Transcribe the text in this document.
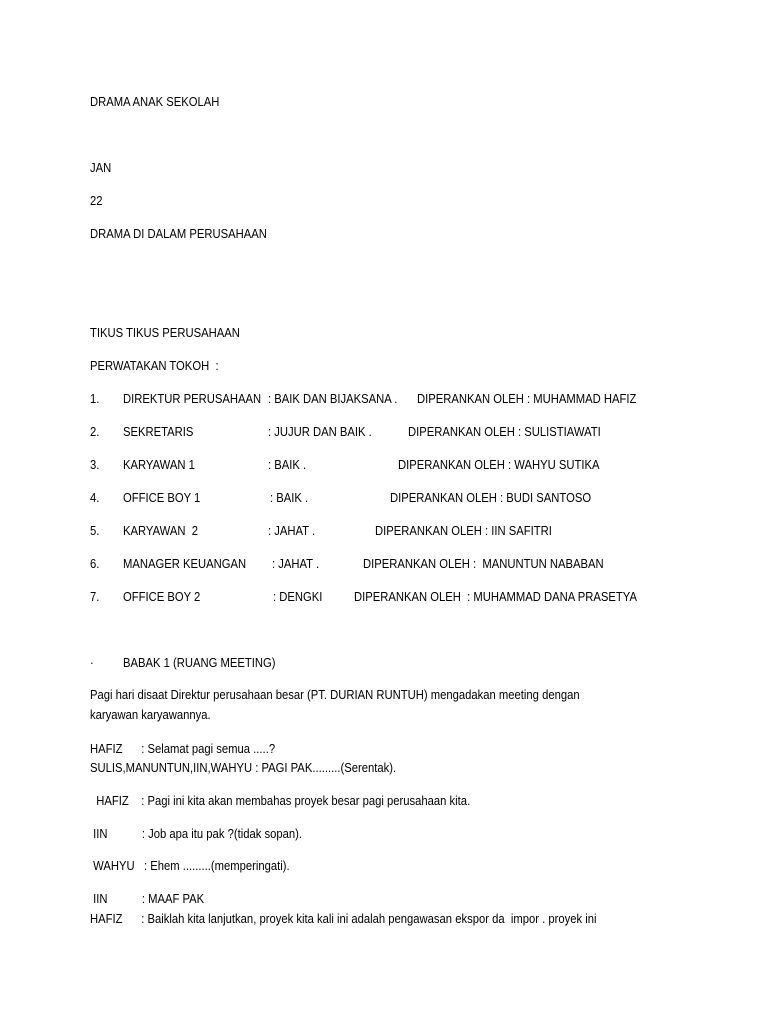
DRAMA ANAK SEKOLAH
JAN
22
DRAMA DI DALAM PERUSAHAAN
TIKUS TIKUS PERUSAHAAN
PERWATAKAN TOKOH  :
1. DIREKTUR PERUSAHAAN : BAIK DAN BIJAKSANA . DIPERANKAN OLEH : MUHAMMAD HAFIZ
2. SEKRETARIS	: JUJUR DAN BAIK .	DIPERANKAN OLEH : SULISTIAWATI
3. KARYAWAN 1	: BAIK .	DIPERANKAN OLEH : WAHYU SUTIKA
4. OFFICE BOY 1	: BAIK .	DIPERANKAN OLEH : BUDI SANTOSO
5. KARYAWAN  2	: JAHAT .	DIPERANKAN OLEH : IIN SAFITRI
6. MANAGER KEUANGAN : JAHAT .	DIPERANKAN OLEH :  MANUNTUN NABABAN
7. OFFICE BOY 2	: DENGKI	DIPERANKAN OLEH  : MUHAMMAD DANA PRASETYA
· BABAK 1 (RUANG MEETING)
Pagi hari disaat Direktur perusahaan besar (PT. DURIAN RUNTUH) mengadakan meeting dengan
karyawan karyawannya.
HAFIZ      : Selamat pagi semua .....?
SULIS,MANUNTUN,IIN,WAHYU : PAGI PAK.........(Serentak).
HAFIZ    : Pagi ini kita akan membahas proyek besar pagi perusahaan kita.
IIN           : Job apa itu pak ?(tidak sopan).
WAHYU   : Ehem .........(memperingati).
IIN           : MAAF PAK
HAFIZ      : Baiklah kita lanjutkan, proyek kita kali ini adalah pengawasan ekspor da  impor . proyek ini
